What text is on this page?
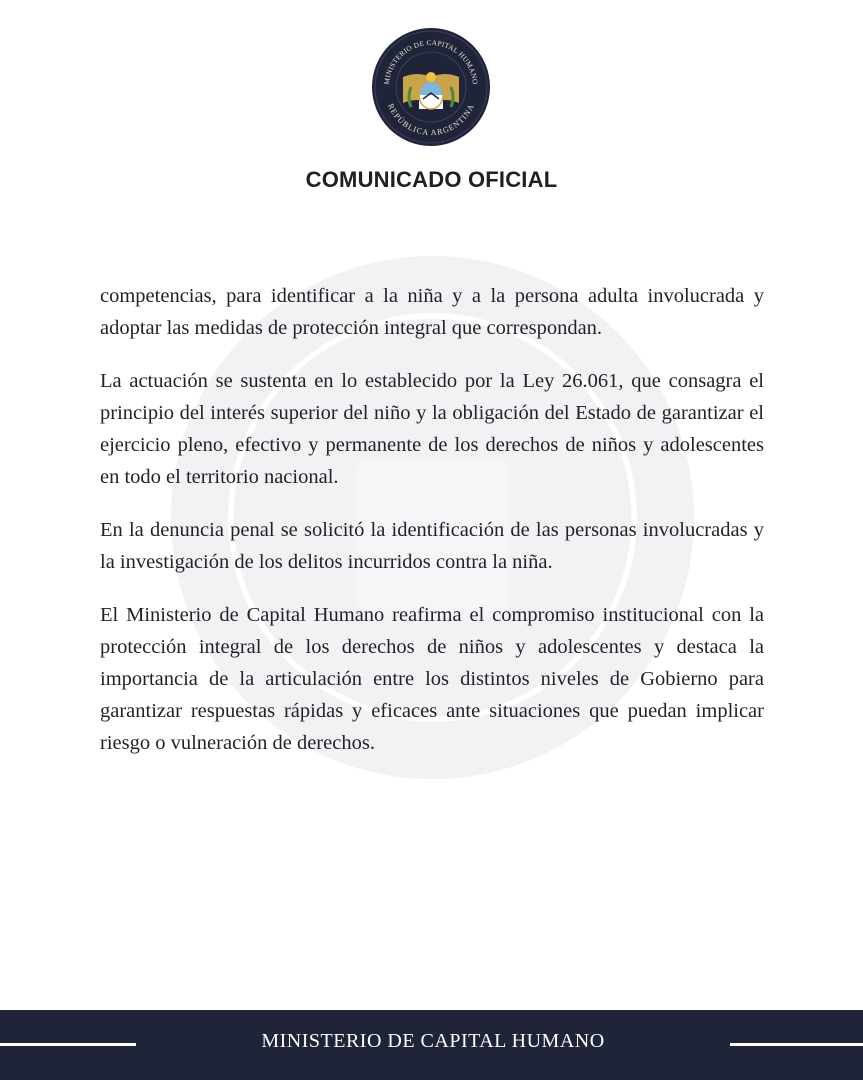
MINISTERIO DE CAPITAL HUMANO
REPÚBLICA ARGENTINA
COMUNICADO OFICIAL

competencias, para identificar a la niña y a la persona adulta involucrada y adoptar las medidas de protección integral que correspondan.

La actuación se sustenta en lo establecido por la Ley 26.061, que consagra el principio del interés superior del niño y la obligación del Estado de garantizar el ejercicio pleno, efectivo y permanente de los derechos de niños y adolescentes en todo el territorio nacional.

En la denuncia penal se solicitó la identificación de las personas involucradas y la investigación de los delitos incurridos contra la niña.

El Ministerio de Capital Humano reafirma el compromiso institucional con la protección integral de los derechos de niños y adolescentes y destaca la importancia de la articulación entre los distintos niveles de Gobierno para garantizar respuestas rápidas y eficaces ante situaciones que puedan implicar riesgo o vulneración de derechos.

MINISTERIO DE CAPITAL HUMANO
